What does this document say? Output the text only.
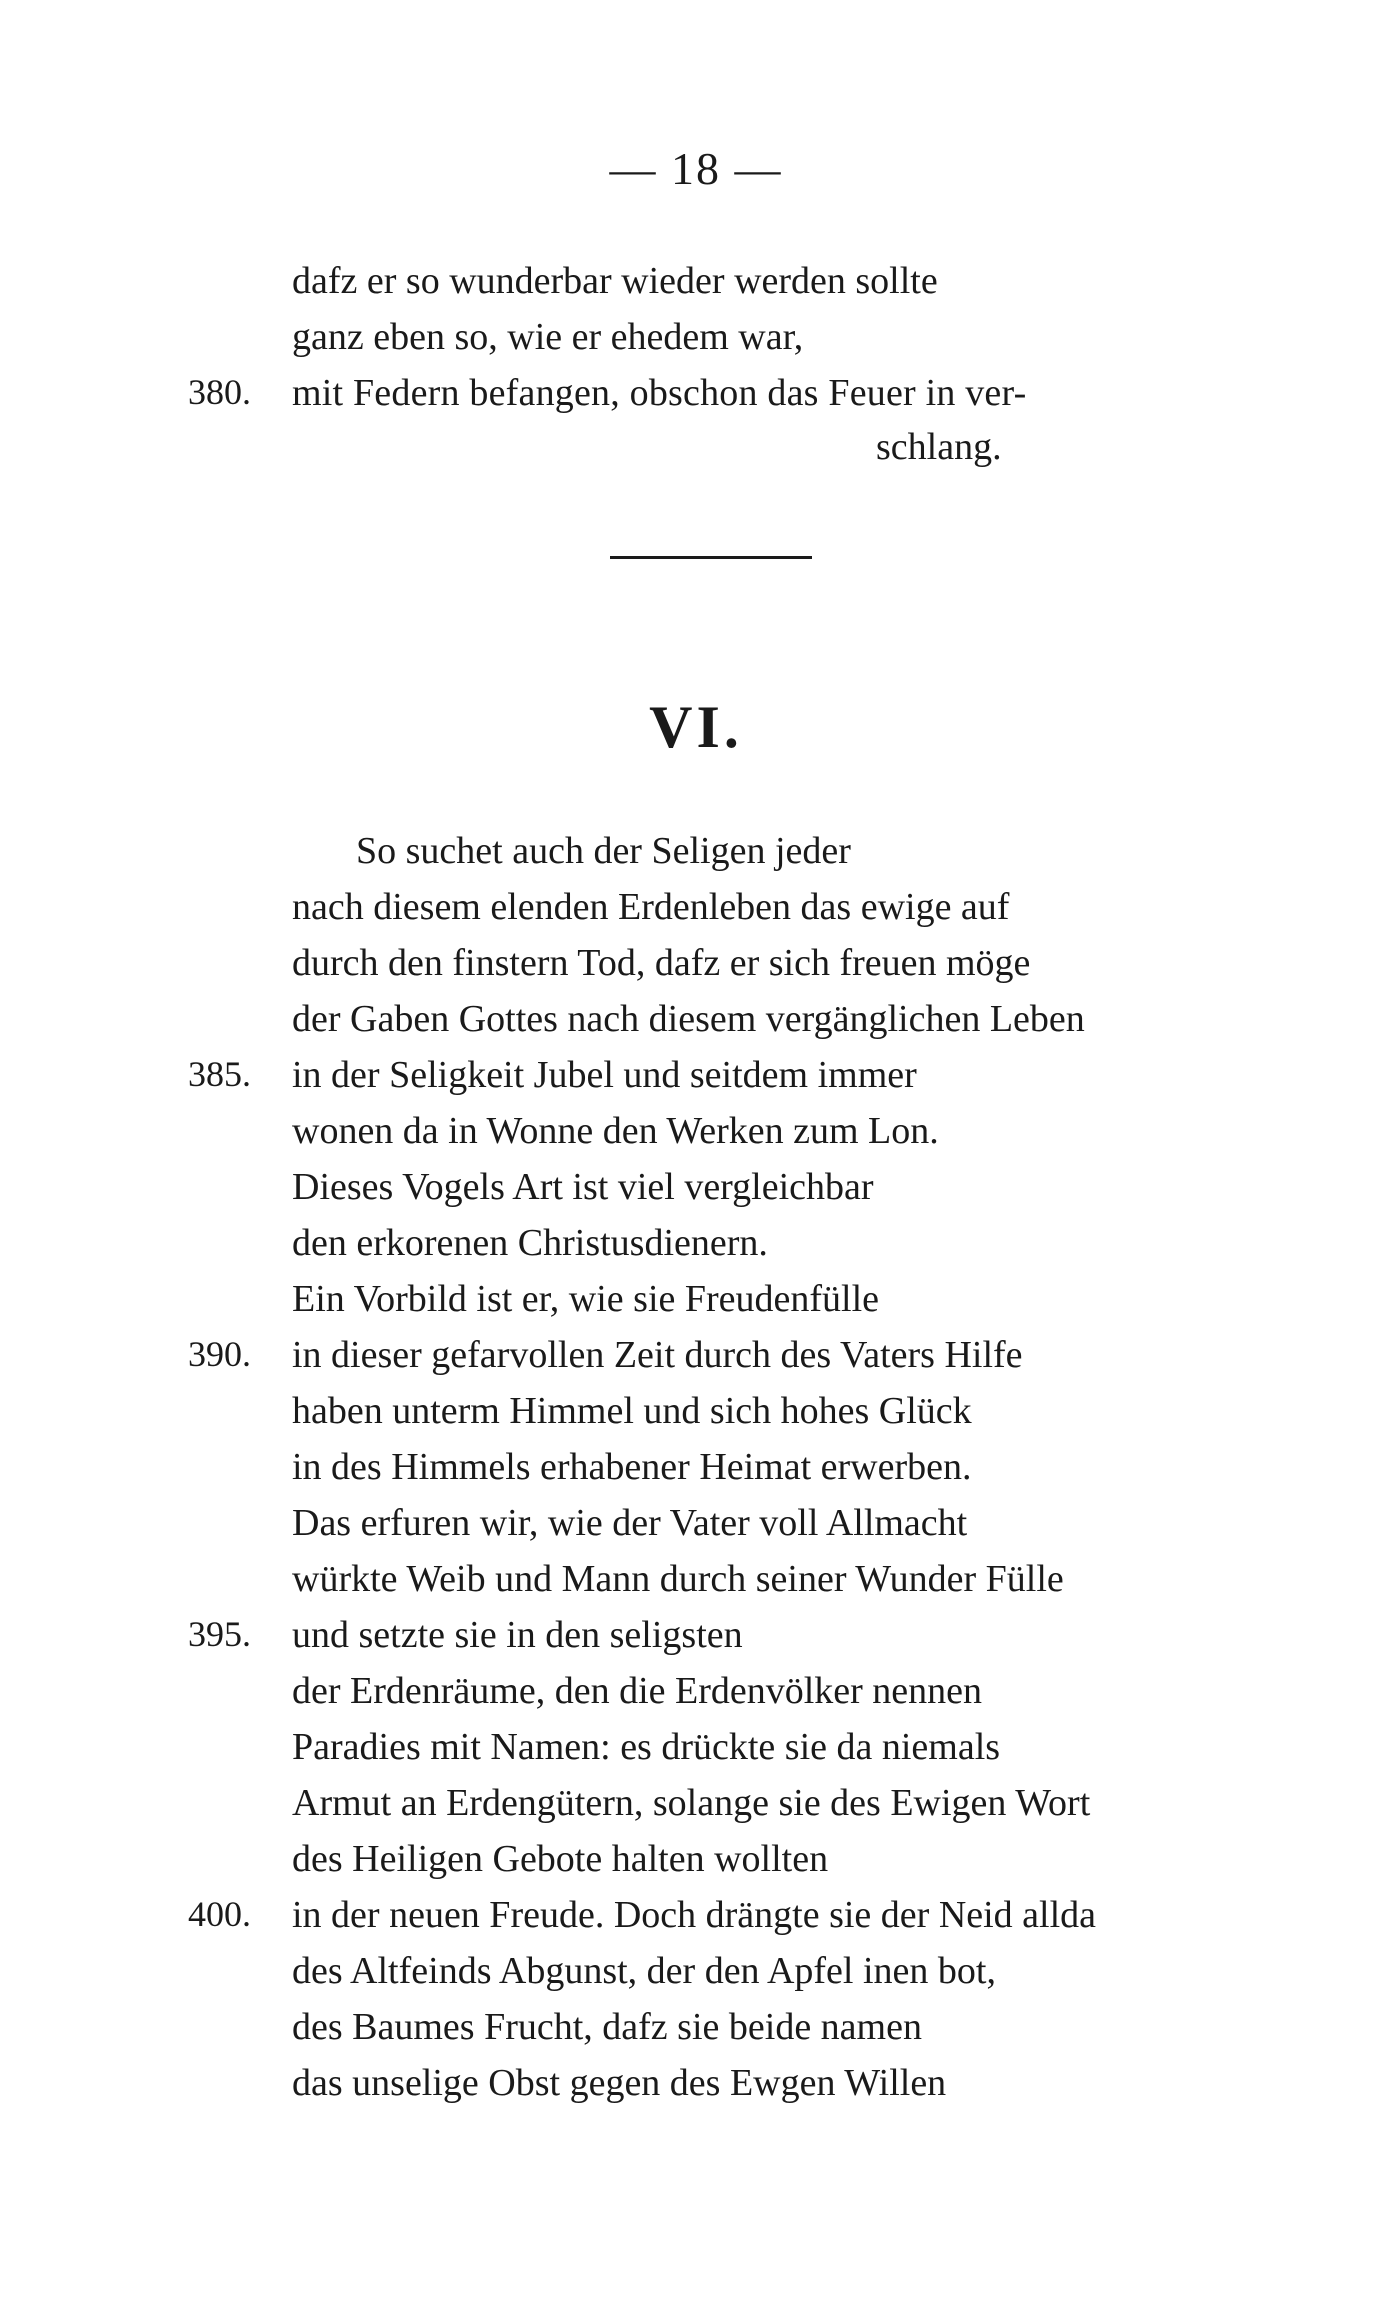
— 18 —
dafz er so wunderbar wieder werden sollte
ganz eben so, wie er ehedem war,
380. mit Federn befangen, obschon das Feuer in ver-
schlang.
VI.
So suchet auch der Seligen jeder
nach diesem elenden Erdenleben das ewige auf
durch den finstern Tod, dafz er sich freuen möge
der Gaben Gottes nach diesem vergänglichen Leben
385. in der Seligkeit Jubel und seitdem immer
wonen da in Wonne den Werken zum Lon.
Dieses Vogels Art ist viel vergleichbar
den erkorenen Christusdienern.
Ein Vorbild ist er, wie sie Freudenfülle
390. in dieser gefarvollen Zeit durch des Vaters Hilfe
haben unterm Himmel und sich hohes Glück
in des Himmels erhabener Heimat erwerben.
Das erfuren wir, wie der Vater voll Allmacht
würkte Weib und Mann durch seiner Wunder Fülle
395. und setzte sie in den seligsten
der Erdenräume, den die Erdenvölker nennen
Paradies mit Namen: es drückte sie da niemals
Armut an Erdengütern, solange sie des Ewigen Wort
des Heiligen Gebote halten wollten
400. in der neuen Freude. Doch drängte sie der Neid allda
des Altfeinds Abgunst, der den Apfel inen bot,
des Baumes Frucht, dafz sie beide namen
das unselige Obst gegen des Ewgen Willen
